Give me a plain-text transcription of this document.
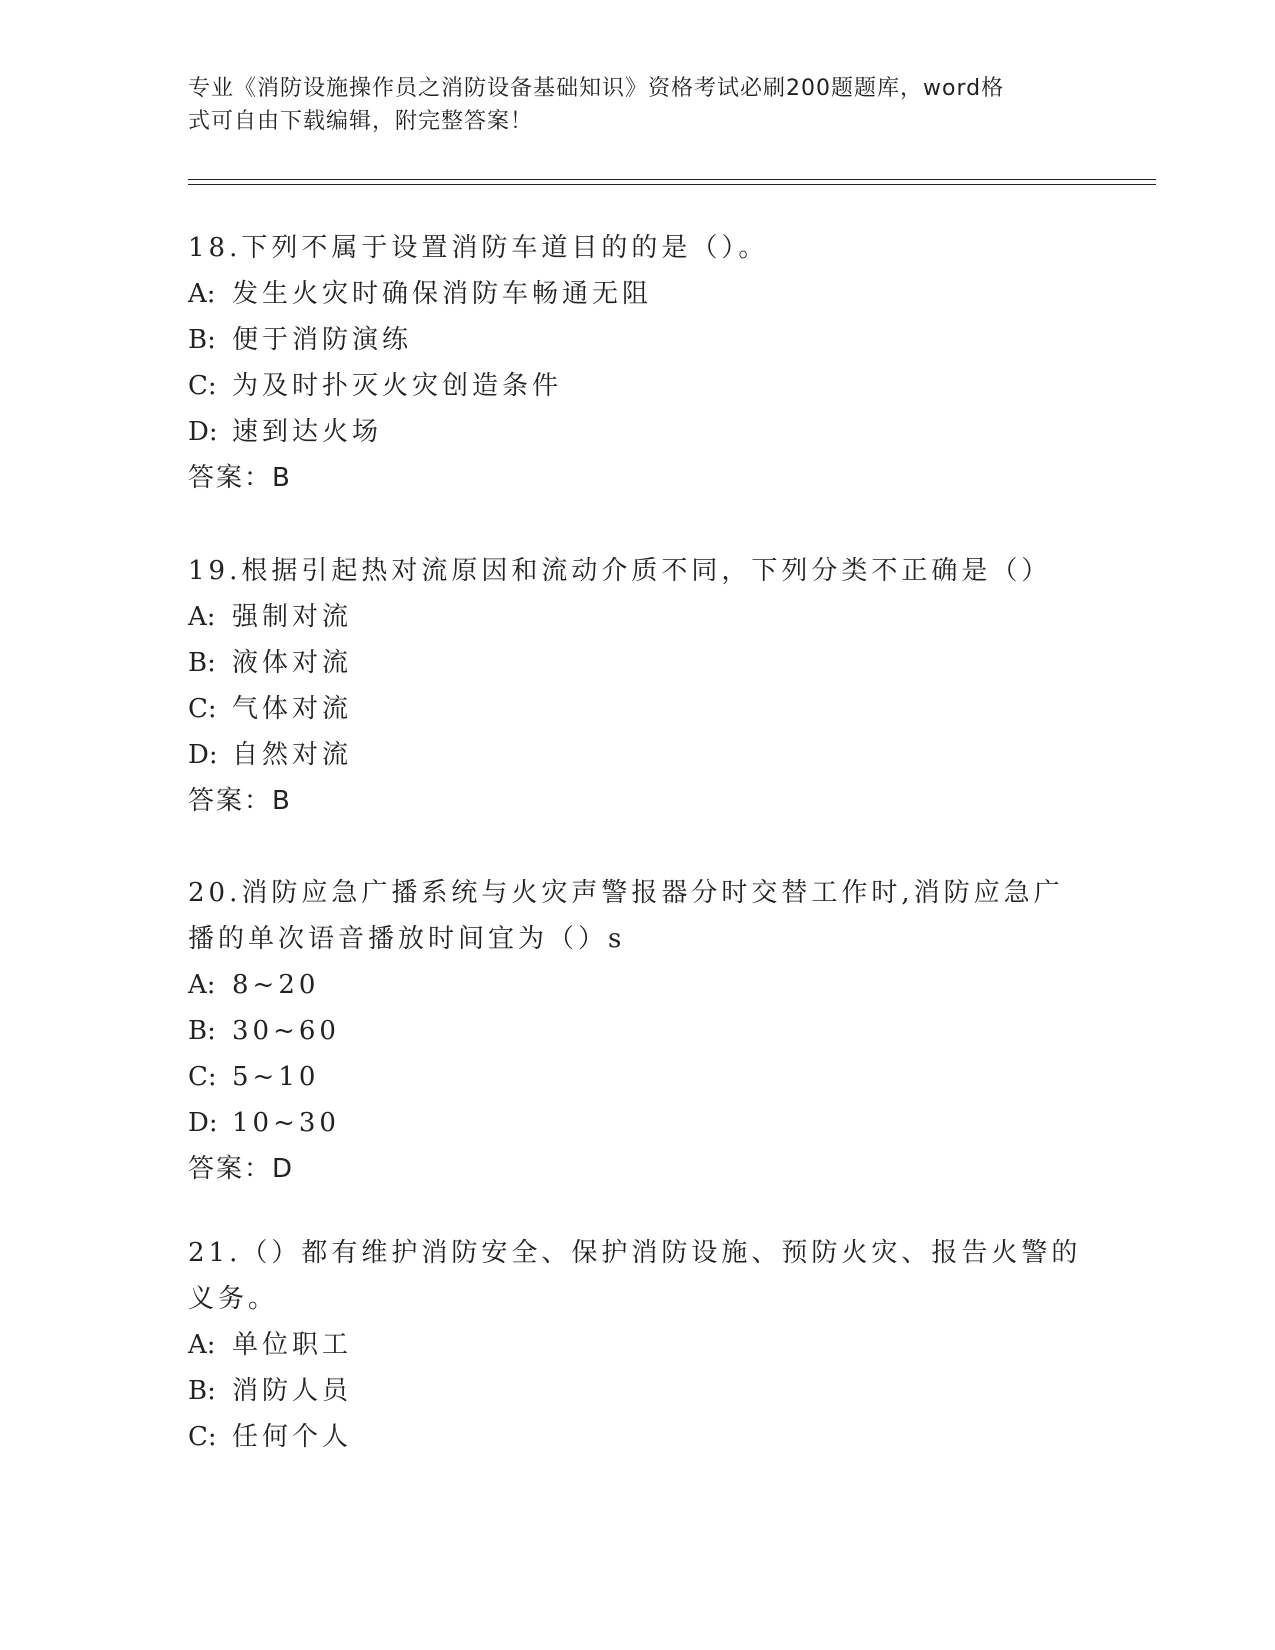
专业《消防设施操作员之消防设备基础知识》资格考试必刷200题题库，word格
式可自由下载编辑，附完整答案！
18.下列不属于设置消防车道目的的是（）。
A: 发生火灾时确保消防车畅通无阻
B: 便于消防演练
C: 为及时扑灭火灾创造条件
D: 速到达火场
答案：B
19.根据引起热对流原因和流动介质不同，下列分类不正确是（）
A: 强制对流
B: 液体对流
C: 气体对流
D: 自然对流
答案：B
20.消防应急广播系统与火灾声警报器分时交替工作时,消防应急广播的单次语音播放时间宜为（）s
A: 8~20
B: 30~60
C: 5~10
D: 10~30
答案：D
21.（）都有维护消防安全、保护消防设施、预防火灾、报告火警的义务。
A: 单位职工
B: 消防人员
C: 任何个人
